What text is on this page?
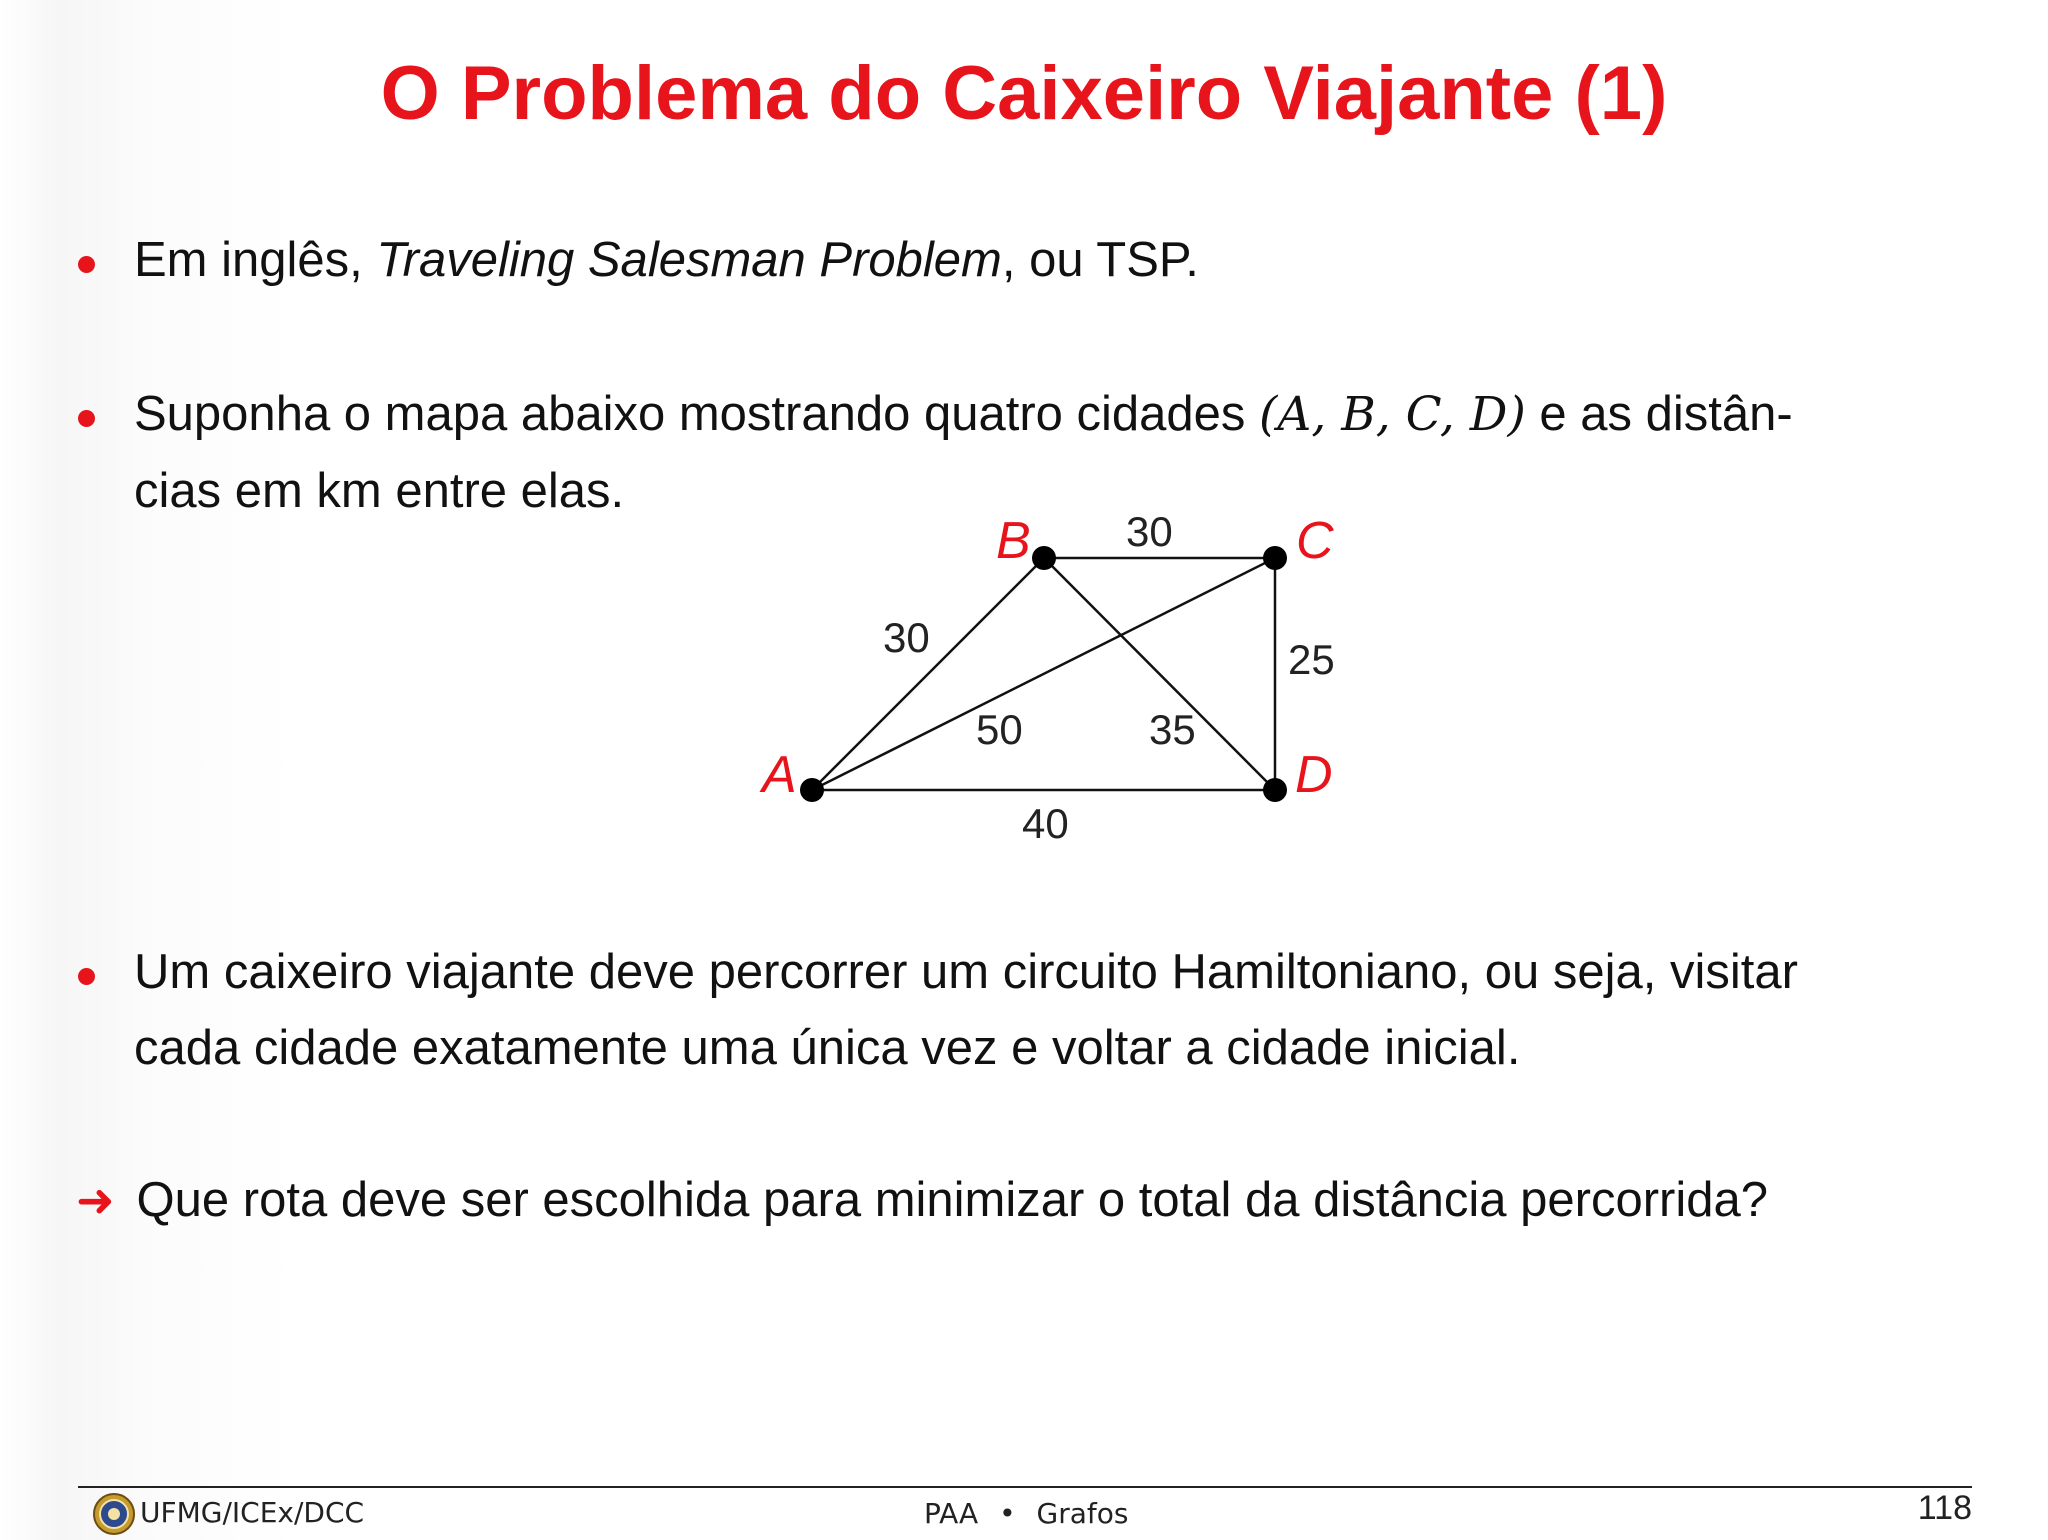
O Problema do Caixeiro Viajante (1)
Em inglês, Traveling Salesman Problem, ou TSP.
Suponha o mapa abaixo mostrando quatro cidades (A, B, C, D) e as distân-
cias em km entre elas.
A
B	C
D
30
30
25
40
50	35
Um caixeiro viajante deve percorrer um circuito Hamiltoniano, ou seja, visitar
cada cidade exatamente uma única vez e voltar a cidade inicial.
➜ Que rota deve ser escolhida para minimizar o total da distância percorrida?
UFMG/ICEx/DCC	PAA • Grafos	118
